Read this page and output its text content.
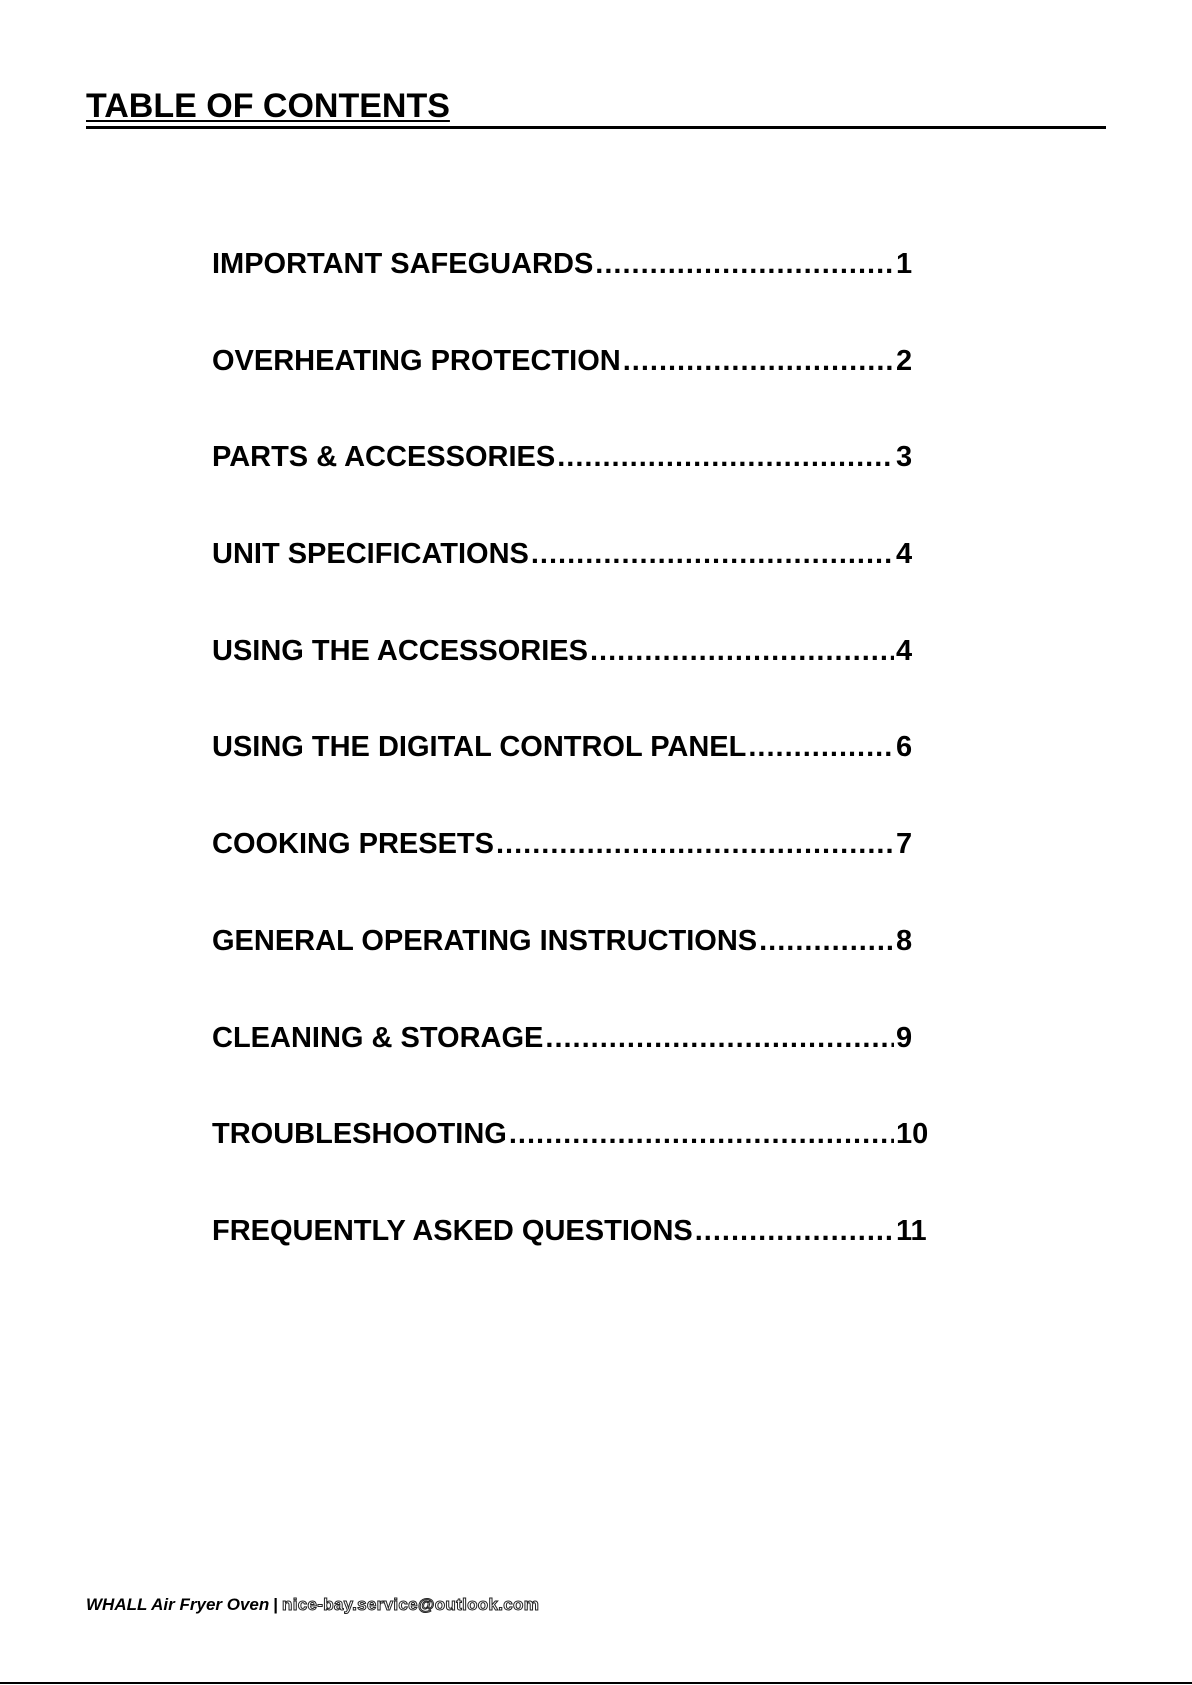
TABLE OF CONTENTS
IMPORTANT SAFEGUARDS .....	1
OVERHEATING PROTECTION .....	2
PARTS & ACCESSORIES .....	3
UNIT SPECIFICATIONS .....	4
USING THE ACCESSORIES .....	4
USING THE DIGITAL CONTROL PANEL .....	6
COOKING PRESETS .....	7
GENERAL OPERATING INSTRUCTIONS .....	8
CLEANING & STORAGE .....	9
TROUBLESHOOTING .....	10
FREQUENTLY ASKED QUESTIONS .....	11
WHALL Air Fryer Oven | nice-bay.service@outlook.com
